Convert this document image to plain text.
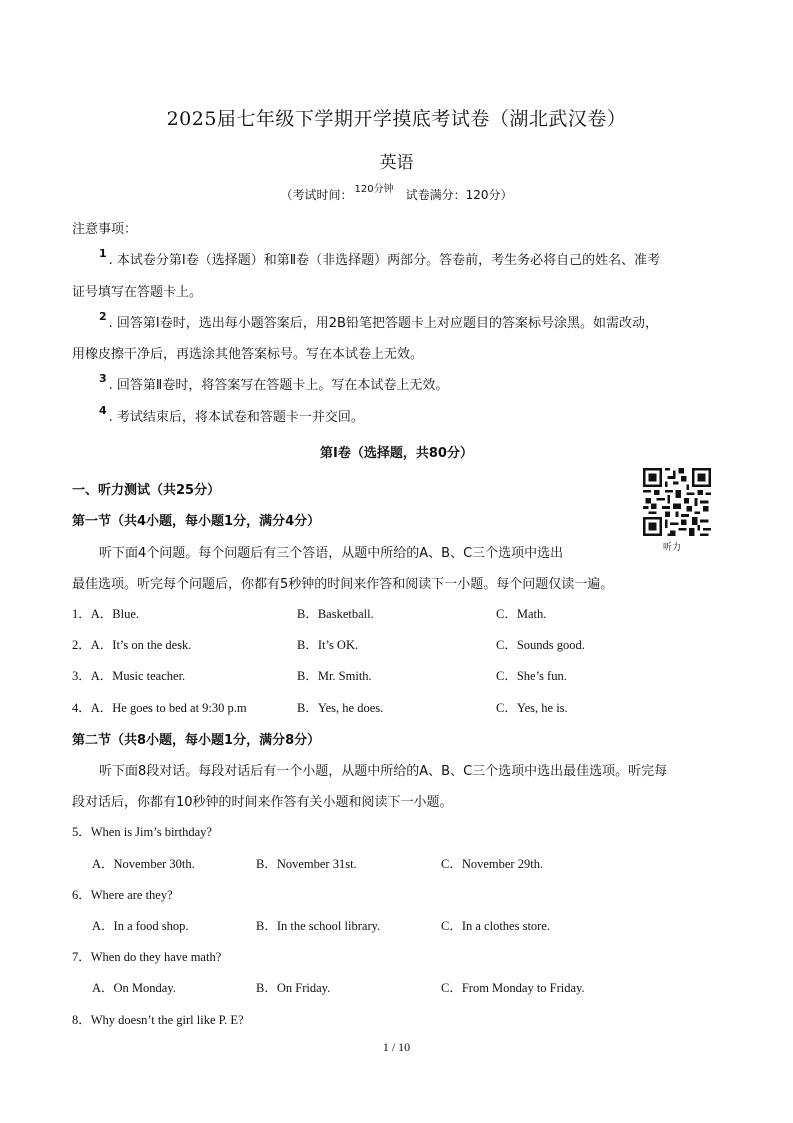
2025届七年级下学期开学摸底考试卷（湖北武汉卷）
英语
（考试时间： $^{120分钟}$ 试卷满分：120分）
注意事项：
$^1$ . 本试卷分第Ⅰ卷（选择题）和第Ⅱ卷（非选择题）两部分。答卷前，考生务必将自己的姓名、准考
证号填写在答题卡上。
$^2$ . 回答第Ⅰ卷时，选出每小题答案后，用2B铅笔把答题卡上对应题目的答案标号涂黑。如需改动，
用橡皮擦干净后，再选涂其他答案标号。写在本试卷上无效。
$^3$ . 回答第Ⅱ卷时，将答案写在答题卡上。写在本试卷上无效。
$^4$ . 考试结束后，将本试卷和答题卡一并交回。
第Ⅰ卷（选择题，共80分）
一、听力测试（共25分）
听力
第一节（共4小题，每小题1分，满分4分）
听下面4个问题。每个问题后有三个答语，从题中所给的A、B、C三个选项中选出
最佳选项。听完每个问题后，你都有5秒钟的时间来作答和阅读下一小题。每个问题仅读一遍。
1．A．Blue.	B．Basketball.	C．Math.
2．A．It’s on the desk.	B．It’s OK.	C．Sounds good.
3．A．Music teacher.	B．Mr. Smith.	C．She’s fun.
4．A．He goes to bed at 9:30 p.m	B．Yes, he does.	C．Yes, he is.
第二节（共8小题，每小题1分，满分8分）
听下面8段对话。每段对话后有一个小题，从题中所给的A、B、C三个选项中选出最佳选项。听完每
段对话后，你都有10秒钟的时间来作答有关小题和阅读下一小题。
5．When is Jim’s birthday?
A．November 30th.	B．November 31st.	C．November 29th.
6．Where are they?
A．In a food shop.	B．In the school library.	C．In a clothes store.
7．When do they have math?
A．On Monday.	B．On Friday.	C．From Monday to Friday.
8．Why doesn’t the girl like P. E?
1 / 10
